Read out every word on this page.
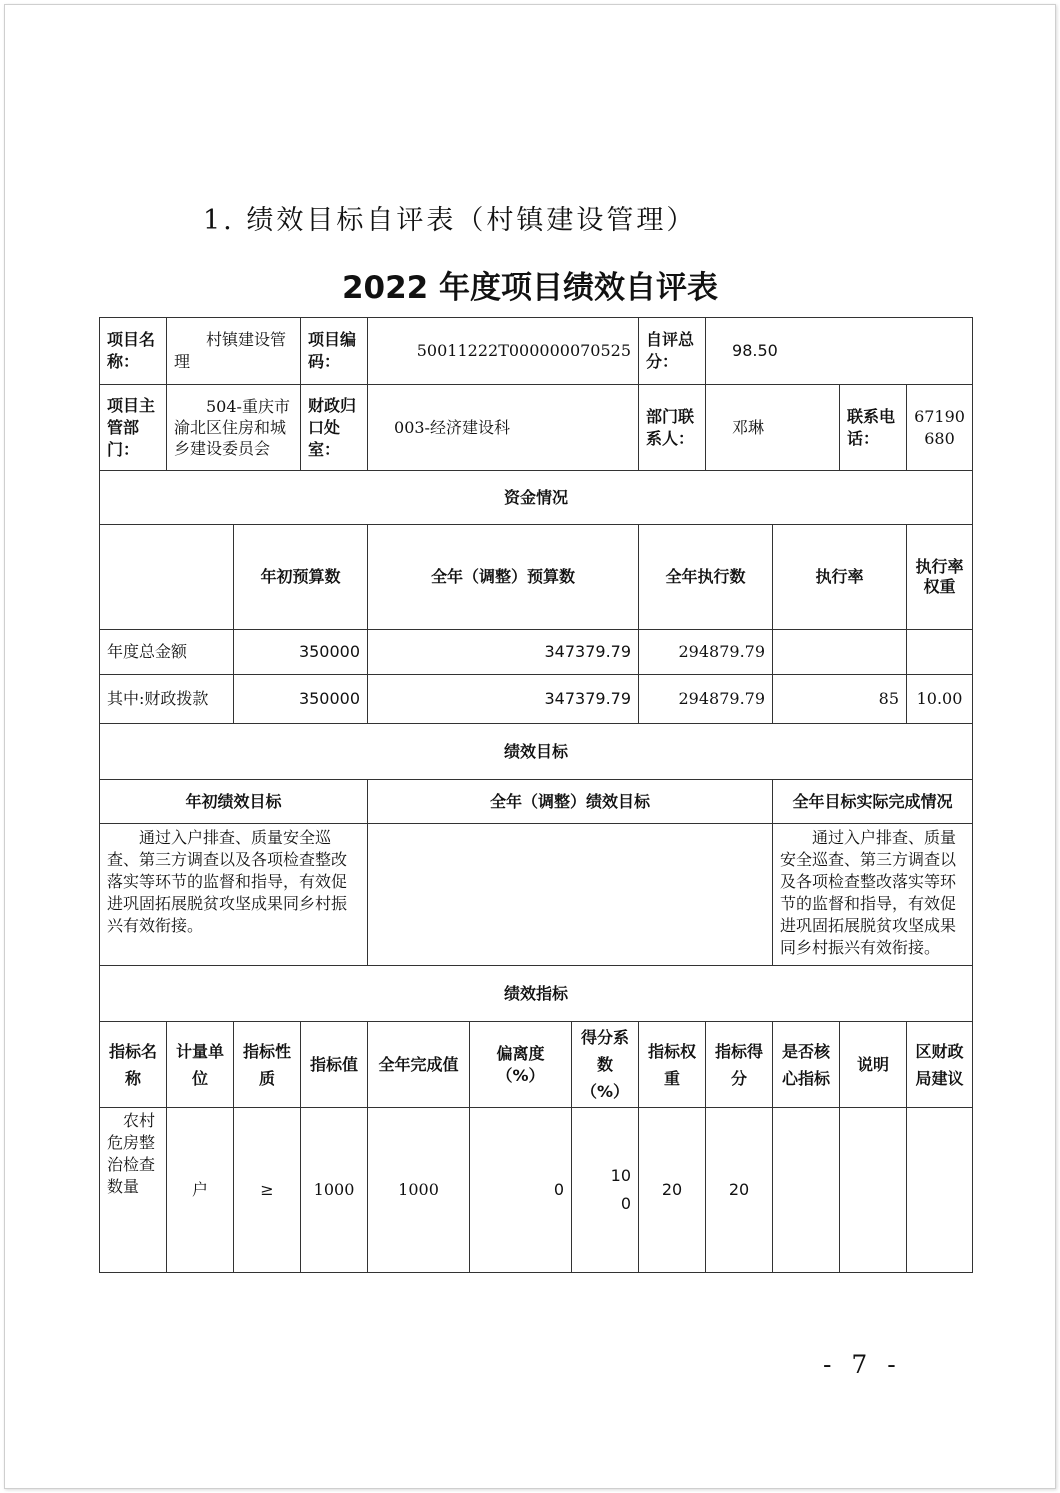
1. 绩效目标自评表（村镇建设管理）
2022 年度项目绩效自评表
项目名称：	村镇建设管理		项目编码：	50011222T000000070525			自评总分：	98.50				
项目主管部门：	504-重庆市渝北区住房和城乡建设委员会		财政归口处室：	003-经济建设科			部门联系人：	邓琳		联系电话：	67190680	
资金情况												
		年初预算数		全年（调整）预算数			全年执行数		执行率		执行率权重	
年度总金额		350000		347379.79			294879.79					
其中:财政拨款		350000		347379.79			294879.79		85		10.00	
绩效目标												
年初绩效目标				全年（调整）绩效目标					全年目标实际完成情况			
通过入户排查、质量安全巡查、第三方调查以及各项检查整改落实等环节的监督和指导，有效促进巩固拓展脱贫攻坚成果同乡村振兴有效衔接。									通过入户排查、质量安全巡查、第三方调查以及各项检查整改落实等环节的监督和指导，有效促进巩固拓展脱贫攻坚成果同乡村振兴有效衔接。			
绩效指标												
指标名称	计量单位	指标性质	指标值	全年完成值	偏离度（%）	得分系数（%）	指标权重	指标得分	是否核心指标	说明	区财政局建议	
农村危房整治检查数量	户	≥	1000	1000	0	100	20	20				
- 7 -
